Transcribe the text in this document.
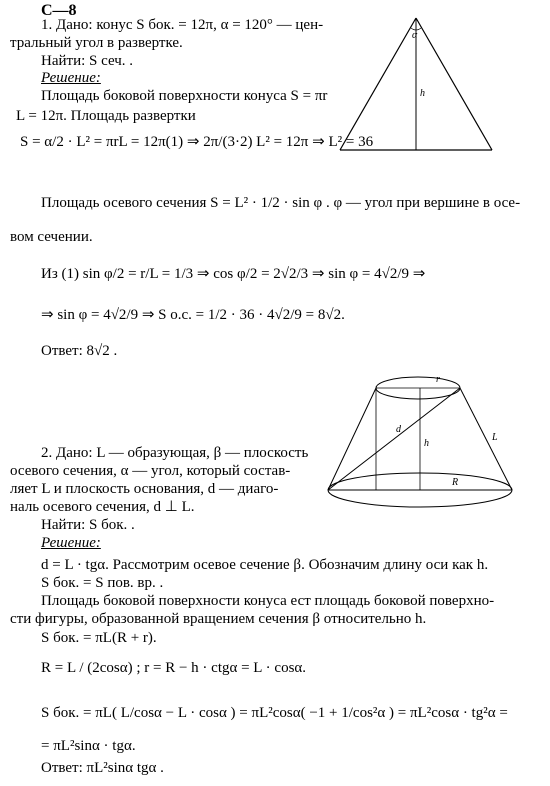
С—8
α
h
1. Дано: конус S бок. = 12π, α = 120° — цен-
тральный угол в развертке.
Найти: S сеч. .
Решение:
Площадь боковой поверхности конуса S = πr
L = 12π. Площадь развертки
S = α/2 · L² = πrL = 12π(1) ⇒ 2π/(3·2) L² = 12π ⇒ L² = 36
Площадь осевого сечения S = L² · 1/2 · sin φ . φ — угол при вершине в осе-
вом сечении.
Из (1) sin φ/2 = r/L = 1/3 ⇒ cos φ/2 = 2√2/3 ⇒ sin φ = 4√2/9 ⇒
⇒ sin φ = 4√2/9 ⇒ S о.с. = 1/2 · 36 · 4√2/9 = 8√2.
Ответ: 8√2 .
r
d
h
L
R
2. Дано: L — образующая, β — плоскость
осевого сечения, α — угол, который состав-
ляет L и плоскость основания, d — диаго-
наль осевого сечения, d ⊥ L.
Найти: S бок. .
Решение:
d = L · tgα. Рассмотрим осевое сечение β. Обозначим длину оси как h.
S бок. = S пов. вр. .
Площадь боковой поверхности конуса ест площадь боковой поверхно-
сти фигуры, образованной вращением сечения β относительно h.
S бок. = πL(R + r).
R = L / (2cosα) ; r = R − h · ctgα = L · cosα.
S бок. = πL( L/cosα − L · cosα ) = πL²cosα( −1 + 1/cos²α ) = πL²cosα · tg²α =
= πL²sinα · tgα.
Ответ: πL²sinα tgα .
